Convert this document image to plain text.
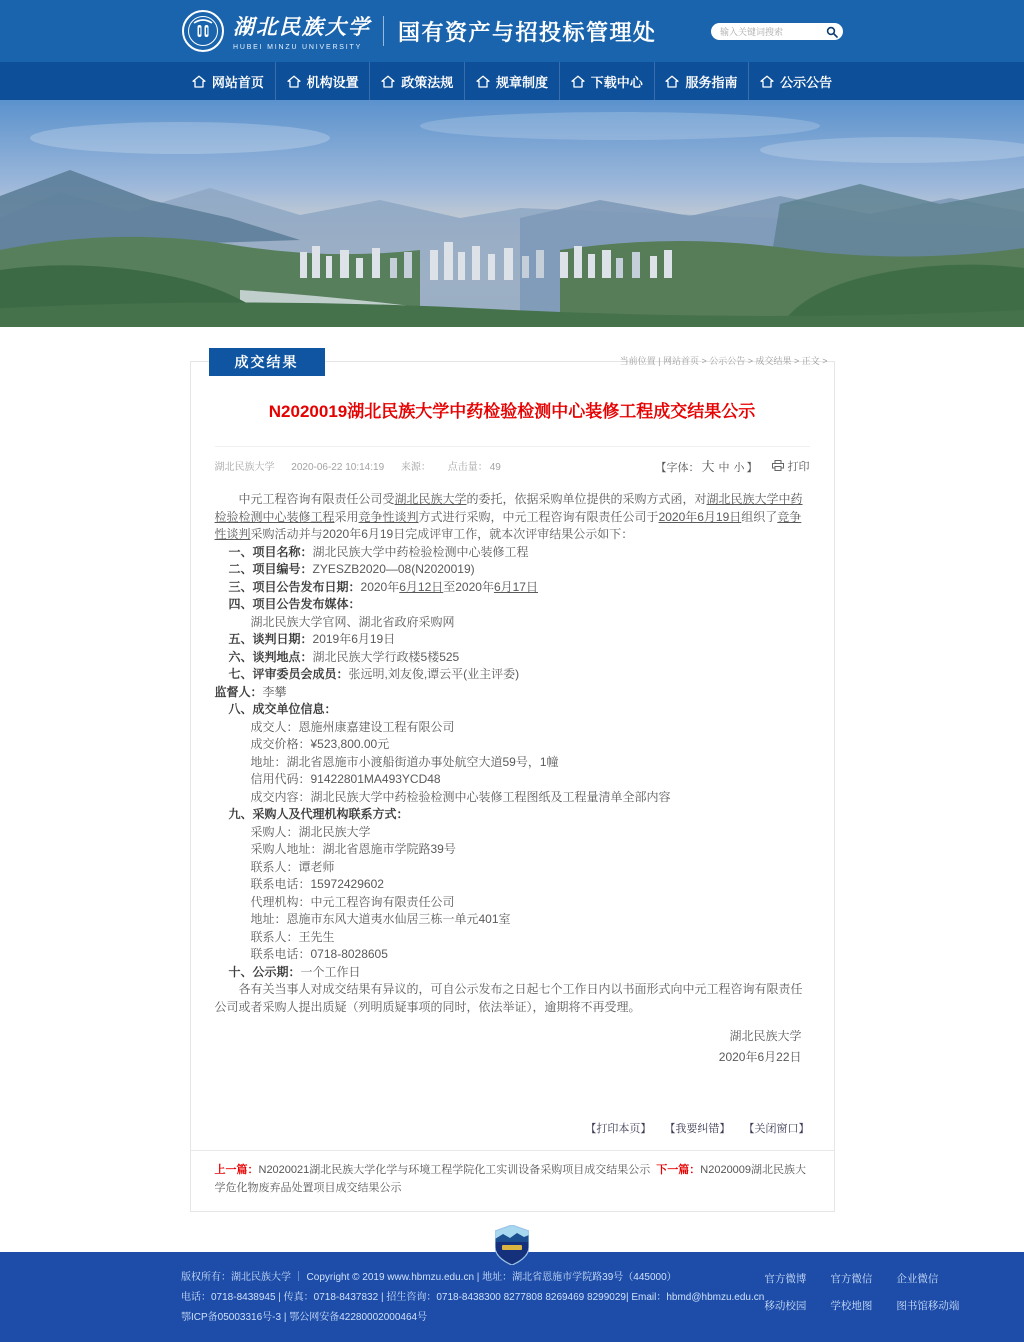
湖北民族大学
HUBEI MINZU UNIVERSITY
国有资产与招投标管理处
输入关键词搜索
网站首页	机构设置	政策法规	规章制度	下载中心	服务指南	公示公告
成交结果	当前位置 | 网站首页 > 公示公告 > 成交结果 > 正文 >
N2020019湖北民族大学中药检验检测中心装修工程成交结果公示
湖北民族大学 2020-06-22 10:14:19 来源： 点击量： 49	【字体： 大 中 小 】	打印

中元工程咨询有限责任公司受湖北民族大学的委托，依据采购单位提供的采购方式函，对湖北民族大学中药检验检测中心装修工程采用竞争性谈判方式进行采购，中元工程咨询有限责任公司于2020年6月19日组织了竞争性谈判采购活动并与2020年6月19日完成评审工作，就本次评审结果公示如下：

一、项目名称：湖北民族大学中药检验检测中心装修工程

二、项目编号：ZYESZB2020—08(N2020019)

三、项目公告发布日期：2020年6月12日至2020年6月17日

四、项目公告发布媒体：

湖北民族大学官网、湖北省政府采购网

五、谈判日期：2019年6月19日

六、谈判地点：湖北民族大学行政楼5楼525

七、评审委员会成员：张远明,刘友俊,谭云平(业主评委)

监督人：李攀

八、成交单位信息：

成交人：恩施州康嘉建设工程有限公司

成交价格：¥523,800.00元

地址：湖北省恩施市小渡船街道办事处航空大道59号，1幢

信用代码：91422801MA493YCD48

成交内容：湖北民族大学中药检验检测中心装修工程图纸及工程量清单全部内容

九、采购人及代理机构联系方式：

采购人：湖北民族大学

采购人地址：湖北省恩施市学院路39号

联系人：谭老师

联系电话：15972429602

代理机构：中元工程咨询有限责任公司

地址：恩施市东风大道夷水仙居三栋一单元401室

联系人：王先生

联系电话：0718-8028605

十、公示期：一个工作日

各有关当事人对成交结果有异议的，可自公示发布之日起七个工作日内以书面形式向中元工程咨询有限责任公司或者采购人提出质疑（列明质疑事项的同时，依法举证），逾期将不再受理。

湖北民族大学
2020年6月22日
【打印本页】 【我要纠错】 【关闭窗口】
上一篇：N2020021湖北民族大学化学与环境工程学院化工实训设备采购项目成交结果公示 下一篇：N2020009湖北民族大学危化物废弃品处置项目成交结果公示
版权所有：湖北民族大学 ｜ Copyright © 2019 www.hbmzu.edu.cn | 地址：湖北省恩施市学院路39号（445000）
电话：0718-8438945 | 传真：0718-8437832 | 招生咨询：0718-8438300 8277808 8269469 8299029| Email：hbmd@hbmzu.edu.cn
鄂ICP备05003316号-3 | 鄂公网安备42280002000464号
官方微博 官方微信 企业微信
移动校园 学校地图 图书馆移动端
